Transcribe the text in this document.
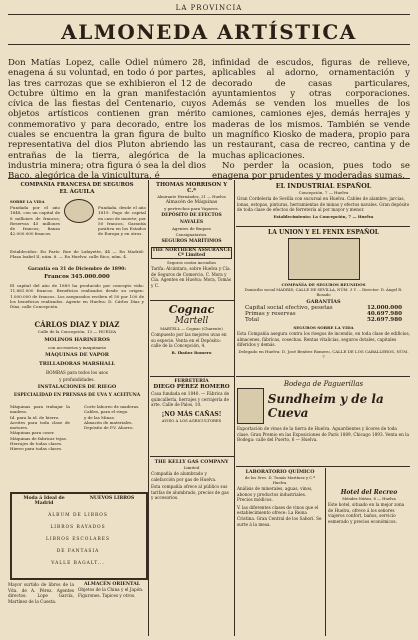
LA PROVINCIA
ALMONEDA ARTÍSTICA
Don Matías Lopez, calle Odiel número 28, enagena á su voluntad, en todo ó por partes, las tres carrozas que se exhibieron el 12 de Octubre último en la gran manifestación cívica de las fiestas del Centenario, cuyos objetos artísticos contienen gran mérito conmemorativo y para decorado, entre los cuales se encuentra la gran figura de bulto representativa del dios Pluton abriendo las entrañas de la tierra, alegórica de la industria minera; otra figura ó sea la del dios Baco, alegórica de la vinicultura, é
infinidad de escudos, figuras de relieve, aplicables al adorno, ornamentación y decorado de casas particulares, ayuntamientos y otras corporaciones. Además se venden los muelles de los camiones, camiones ejes, demás herrajes y maderas de los mismos. También se vende un magnífico Kiosko de madera, propio para un restaurant, casa de recreo, cantina y de muchas aplicaciones.
No perder la ocasion, pues todo se enagena por prudentes y moderadas sumas.
COMPAÑIA FRANCESA DE SEGUROS
EL ÁGUILA
SOBRE LA VIDA

Fundada por el año 1848, con un capital de 8 millones de francos; Reservas 45 millones de francos; fianza 42.000.000 francos.

Fundada, desde el año 1819. Pago de capital en caso de muerte; por 50 francos, Garantía positiva en los Estados de Europa y en otros.

Establecidos: En París: Rue de Lafayette, 44 — En Madrid: Plaza Isabel II, núm. 8. — En Huelva: calle Rico, núm. 4.

Garantía en 31 de Diciembre de 1890:
Francos 345.000.000

El capital del año de 1889 ha producido por concepto vida: 11.881.000 francos. Beneficios realizados desde su origen: 1.000.000 de francos. Los asegurados reciben el 50 por 100 de los beneficios realizados. Agente en Huelva: D. Cárlos Díaz y Díaz, calle Concepción.

CÁRLOS DIAZ Y DIAZ
Calle de la Concepción, 13 — HUELVA
MOLINOS HARINEROS
con accesorios y maquinaria
MÁQUINAS DE VAPOR
TRILLADORAS MARSHALL
BOMBAS para todos los usos
y profundidades.
INSTALACIONES DE RIEGO
ESPECIALIDAD EN PRENSAS DE UVA Y ACEITUNA

Máquinas para trabajar la madera.

Id. para la id. de hierro.

Aceites para toda clase de motores.

Máquinas para coser.

Máquinas de fabricar tejas.

Herrajes de todas clases.

Hierro para todas clases.

Corte laboreo de maderas.

Cables, para el riego.

y de las Minas.

Almacén de materiales.

Depósito de P.V. Ahorro.

Moda á Ideal de Madrid
NUEVOS LIBROS
ÁLBUM DE LIBROS
LIBROS RAYADOS
LIBROS ESCOLARES
DE FANTASIA
VALLE BAGALT...

Mayor surtido de libros de la Vda. de A. Pérez. Agentes directos: Lope García, Martínez de la Cuesta.

ALMACÉN ORIENTAL

Objetos de la China y el Japón. Figurones. Tapices y otros.

THOMAS MORRISON Y C.ª
Almirante Hernández, 21 — Huelva
Almacén de Máquinas
y pertrechos para Vapores.
DEPÓSITO DE EFECTOS NAVALES
Agentes de Buques
Consignatarios.
SEGUROS MARÍTIMOS
THE NORTHERN ASSURANCE Cª Limited
Seguros contra incendios

Tarifa: Alcántara, sobre Huelva y Cía. de Seguros de Comercio, C. Mora y Cía. Agentes en Huelva: Mora, Tomás y C.

Cognac
Martell
MARTELL — Cognac (Charente)

Compuesto por las mejores uvas en su especie. Venta en el Depósito: calle de la Concepción, 4.

R. Ibañez Romero
FERRETERÍA
DIEGO PÉREZ ROMERO

Casa fundada en 1840. — Fábrica de quincallería, herrajes y cerrajería de arte. Calle de Palos, 10.

¡NO MÁS CAÑAS!
AVISO Á LOS AGRICULTORES
THE KELLY GAS COMPANY
Limited

Compañía de alumbrado y calefacción por gas de Huelva.

Esta compañía ofrece al público sus tarifas de alumbrado, precios de gas y accesorios.

EL INDUSTRIAL ESPAÑOL
Concepción, 7 — Huelva

Gran Cordelería de Sevilla con sucursal en Huelva. Cables de alambre, jarcias, lonas, estopas, pinturas, herramientas de minas y efectos navales. Gran depósito de toda clase de efectos de ferretería al por mayor y menor.

Establecimiento: La Concepción, 7 — Huelva
LA UNION Y EL FENIX ESPAÑOL
COMPAÑÍA DE SEGUROS REUNIDOS
Domicilio social MADRID, CALLE DE SEVILLA, NÚM. 3 Y ... Director: D. Ángel R. Rosado
GARANTÍAS
Capital social efectivo, pesetas	12.000.000
Primas y reservas	40.697.980
Total	52.697.980
SEGUROS SOBRE LA VIDA

Esta Compañía asegura contra los riesgos de incendio, en toda clase de edificios, almacenes, fábricas, cosechas. Rentas vitalicias, seguros dotales, capitales diferidos y demás.

Delegado en Huelva: D. José Benítez Romero, CALLE DE LOS CABALLEROS, NÚM. 7
Bodega de Paguerillas
Sundheim y de la Cueva

Exportación de vinos de la tierra de Huelva. Aguardientes y licores de toda clase. Gran Premio en las Exposiciones de París 1889, Chicago 1893. Venta en la Bodega: calle del Puerto, 6 — Huelva.

LABORATORIO QUÍMICO
de los Sres. D. Tomás Martínez y C.ª Huelva.

Análisis de minerales, aguas, vinos, abonos y productos industriales. Precios módicos.

V. las diferentes clases de vinos que el establecimiento ofrece: La Reina Cristina. Gran Central de los Saborí. Se surte á la mesa.

Hotel del Recreo
Méndez Núñez, 6 — Huelva

Este hotel, situado en la mejor zona de Huelva, ofrece á los señores viajeros confort, baños, servicio esmerado y precios económicos.
